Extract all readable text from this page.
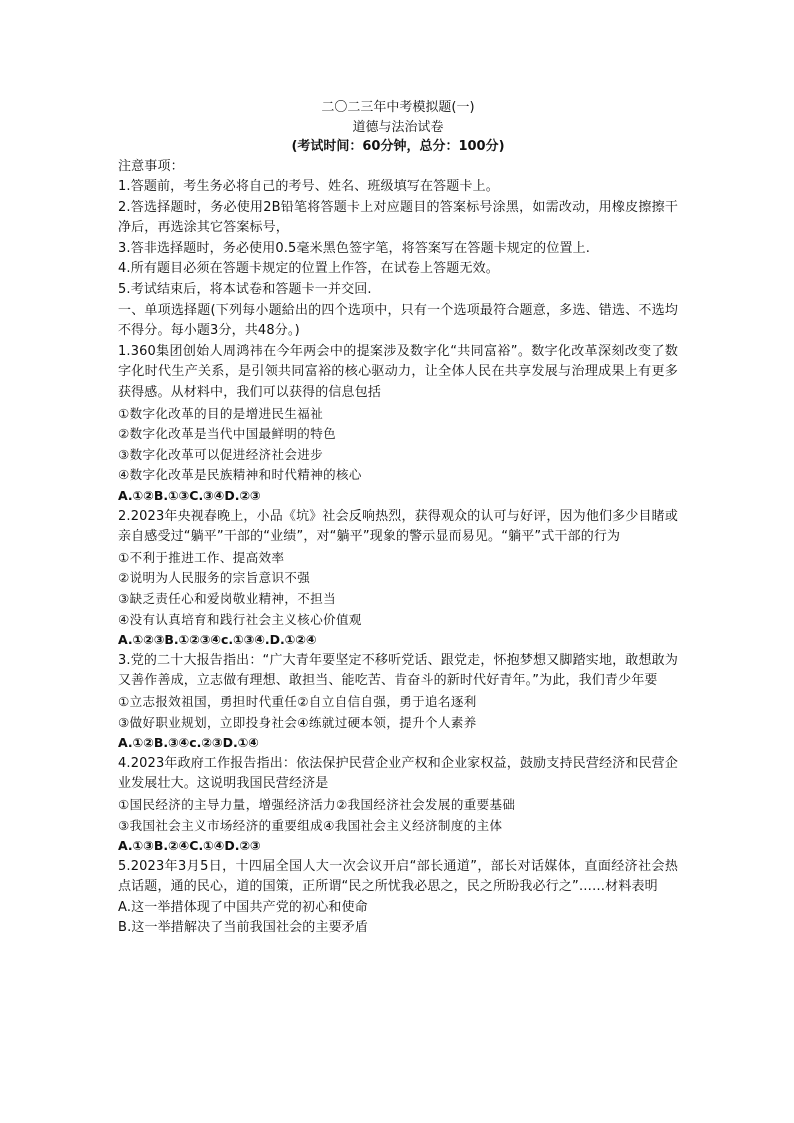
二〇二三年中考模拟题(一)
道德与法治试卷
(考试时间：60分钟，总分：100分)
注意事项：
1.答题前，考生务必将自己的考号、姓名、班级填写在答题卡上。
2.答选择题时，务必使用2B铅笔将答题卡上对应题目的答案标号涂黑，如需改动，用橡皮擦擦干净后，再选涂其它答案标号，
3.答非选择题时，务必使用0.5毫米黑色签字笔，将答案写在答题卡规定的位置上.
4.所有题目必须在答题卡规定的位置上作答，在试卷上答题无效。
5.考试结束后，将本试卷和答题卡一并交回.
一、单项选择题(下列每小题給出的四个选项中，只有一个选项最符合题意，多选、错选、不选均不得分。每小题3分，共48分。)
1.360集团创始人周鸿祎在今年两会中的提案涉及数字化“共同富裕”。数字化改革深刻改变了数字化时代生产关系，是引领共同富裕的核心驱动力，让全体人民在共享发展与治理成果上有更多获得感。从材料中，我们可以获得的信息包括
①数字化改革的目的是增进民生福祉
②数字化改革是当代中国最鲜明的特色
③数字化改革可以促进经济社会进步
④数字化改革是民族精神和时代精神的核心
A.①②B.①③C.③④D.②③
2.2023年央视春晚上，小品《坑》社会反响热烈，获得观众的认可与好评，因为他们多少目睹或亲自感受过“躺平”干部的“业绩”，对“躺平”现象的警示显而易见。“躺平”式干部的行为
①不利于推进工作、提高效率
②说明为人民服务的宗旨意识不强
③缺乏责任心和爱岗敬业精神，不担当
④没有认真培育和践行社会主义核心价值观
A.①②③B.①②③④c.①③④.D.①②④
3.党的二十大报告指出：“广大青年要坚定不移听党话、跟党走，怀抱梦想又脚踏实地，敢想敢为又善作善成，立志做有理想、敢担当、能吃苦、肯奋斗的新时代好青年。”为此，我们青少年要
①立志报效祖国，勇担时代重任②自立自信自强，勇于追名逐利
③做好职业规划，立即投身社会④练就过硬本领，提升个人素养
A.①②B.③④c.②③D.①④
4.2023年政府工作报告指出：依法保护民营企业产权和企业家权益，鼓励支持民营经济和民营企业发展壮大。这说明我国民营经济是
①国民经济的主导力量，增强经济活力②我国经济社会发展的重要基础
③我国社会主义市场经济的重要组成④我国社会主义经济制度的主体
A.①③B.②④C.①④D.②③
5.2023年3月5日，十四届全国人大一次会议开启“部长通道”，部长对话媒体，直面经济社会热点话题，通的民心，道的国策，正所谓“民之所忧我必思之，民之所盼我必行之”……材料表明
A.这一举措体现了中国共产党的初心和使命
B.这一举措解决了当前我国社会的主要矛盾
